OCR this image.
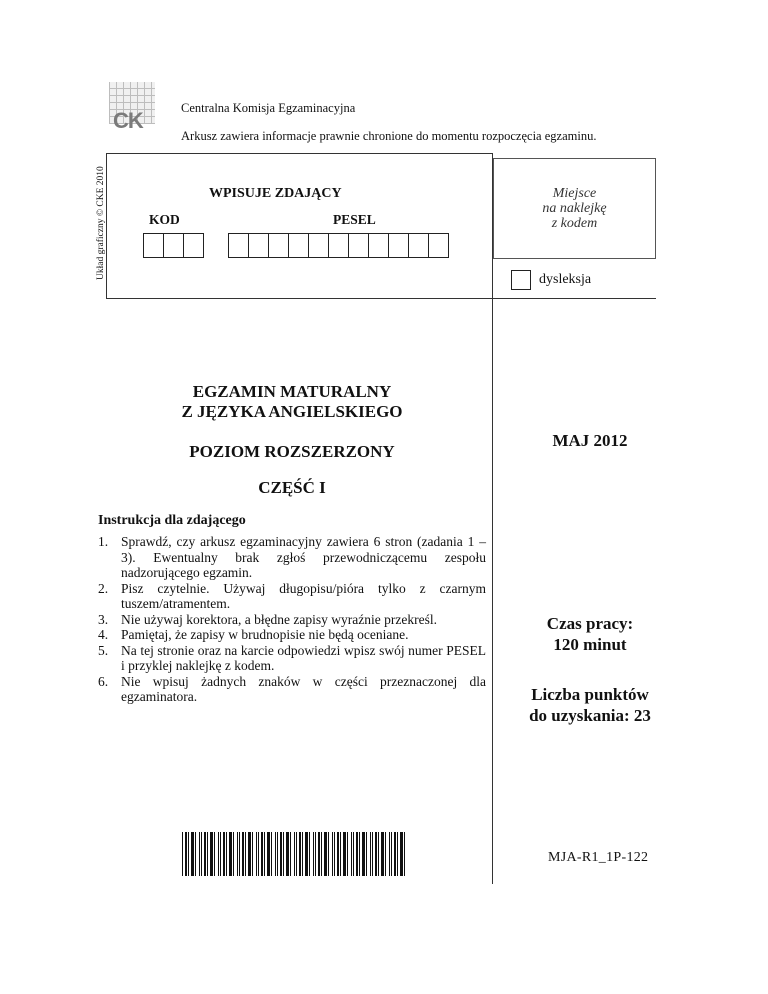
CK	Centralna Komisja Egzaminacyjna
Arkusz zawiera informacje prawnie chronione do momentu rozpoczęcia egzaminu.
Układ graficzny © CKE 2010	WPISUJE ZDAJĄCY
KOD	PESEL
Miejsce
na naklejkę
z kodem
dysleksja
EGZAMIN MATURALNY
Z JĘZYKA ANGIELSKIEGO
POZIOM ROZSZERZONY
CZĘŚĆ I
MAJ 2012
Instrukcja dla zdającego
1. Sprawdź, czy arkusz egzaminacyjny zawiera 6 stron (zadania 1 – 3). Ewentualny brak zgłoś przewodniczącemu zespołu nadzorującego egzamin.
2. Pisz czytelnie. Używaj długopisu/pióra tylko z czarnym tuszem/atramentem.
3. Nie używaj korektora, a błędne zapisy wyraźnie przekreśl.
4. Pamiętaj, że zapisy w brudnopisie nie będą oceniane.
5. Na tej stronie oraz na karcie odpowiedzi wpisz swój numer PESEL i przyklej naklejkę z kodem.
6. Nie wpisuj żadnych znaków w części przeznaczonej dla egzaminatora.
Czas pracy:
120 minut
Liczba punktów
do uzyskania: 23
MJA-R1_1P-122
